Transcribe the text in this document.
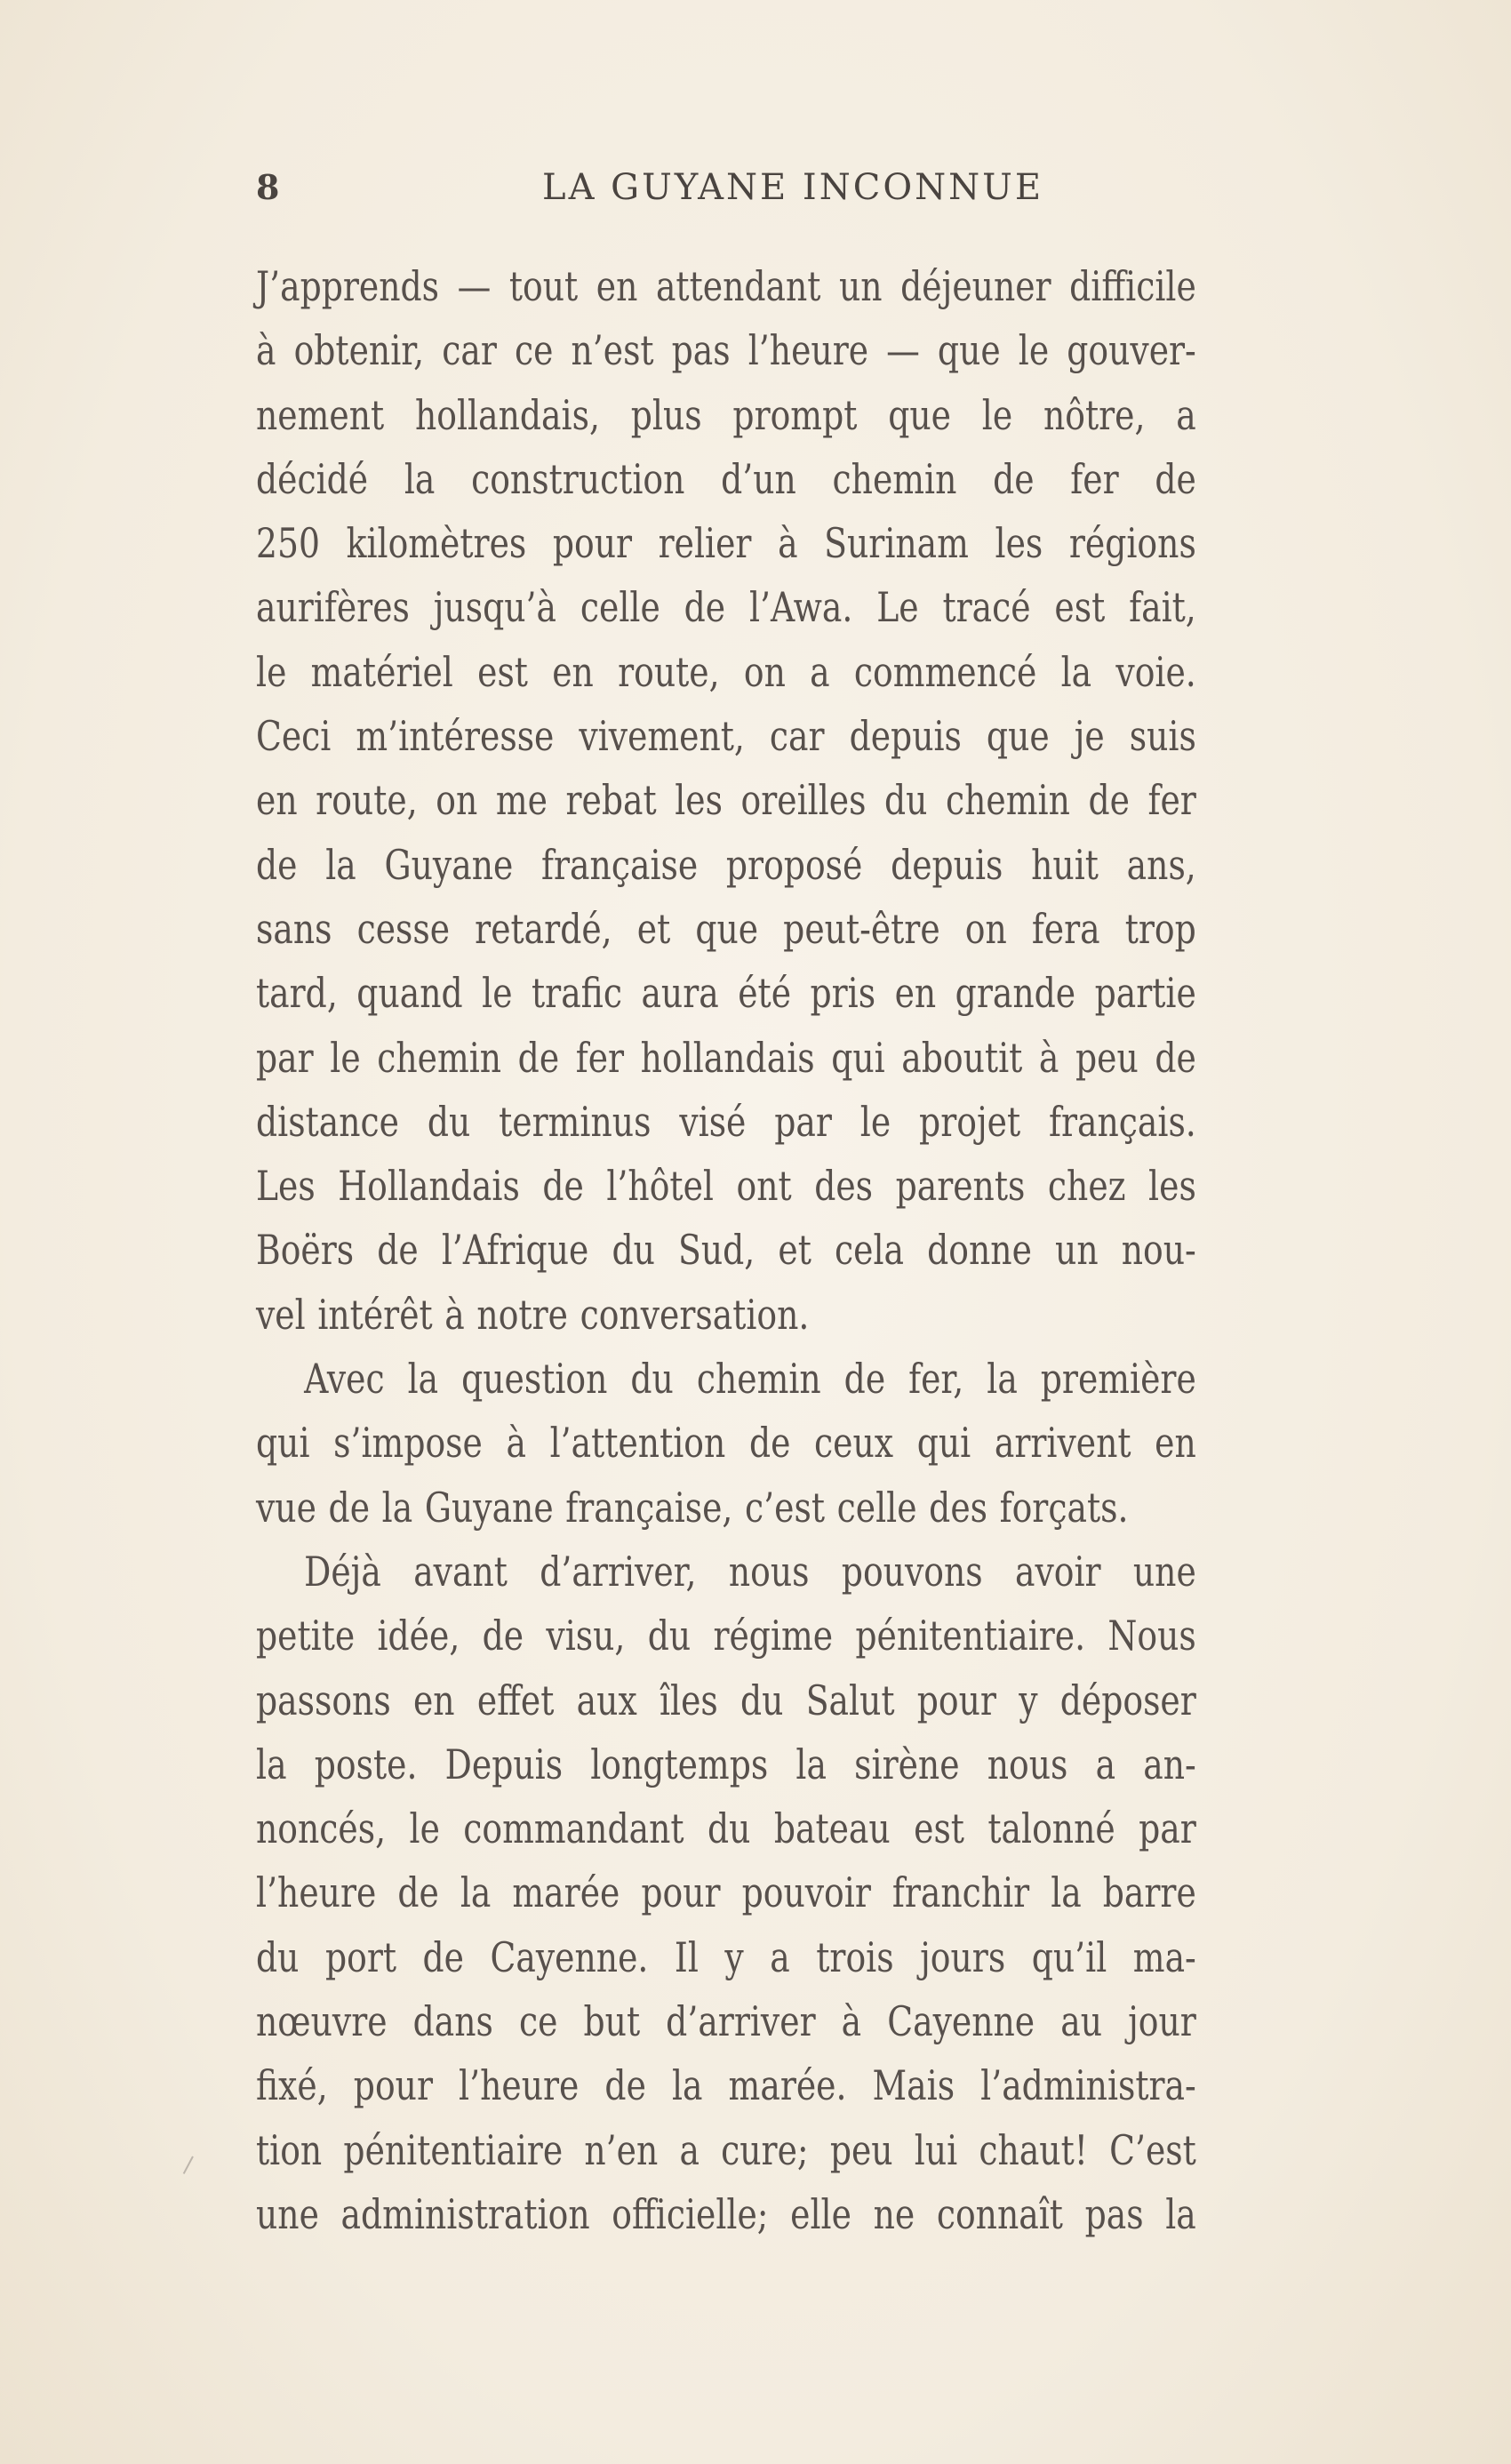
8	LA GUYANE INCONNUE
J’apprends — tout en attendant un déjeuner difficile
à obtenir, car ce n’est pas l’heure — que le gouver-
nement hollandais, plus prompt que le nôtre, a
décidé la construction d’un chemin de fer de
250 kilomètres pour relier à Surinam les régions
aurifères jusqu’à celle de l’Awa. Le tracé est fait,
le matériel est en route, on a commencé la voie.
Ceci m’intéresse vivement, car depuis que je suis
en route, on me rebat les oreilles du chemin de fer
de la Guyane française proposé depuis huit ans,
sans cesse retardé, et que peut-être on fera trop
tard, quand le trafic aura été pris en grande partie
par le chemin de fer hollandais qui aboutit à peu de
distance du terminus visé par le projet français.
Les Hollandais de l’hôtel ont des parents chez les
Boërs de l’Afrique du Sud, et cela donne un nou-
vel intérêt à notre conversation.
Avec la question du chemin de fer, la première
qui s’impose à l’attention de ceux qui arrivent en
vue de la Guyane française, c’est celle des forçats.
Déjà avant d’arriver, nous pouvons avoir une
petite idée, de visu, du régime pénitentiaire. Nous
passons en effet aux îles du Salut pour y déposer
la poste. Depuis longtemps la sirène nous a an-
noncés, le commandant du bateau est talonné par
l’heure de la marée pour pouvoir franchir la barre
du port de Cayenne. Il y a trois jours qu’il ma-
nœuvre dans ce but d’arriver à Cayenne au jour
fixé, pour l’heure de la marée. Mais l’administra-
tion pénitentiaire n’en a cure; peu lui chaut! C’est
une administration officielle; elle ne connaît pas la
